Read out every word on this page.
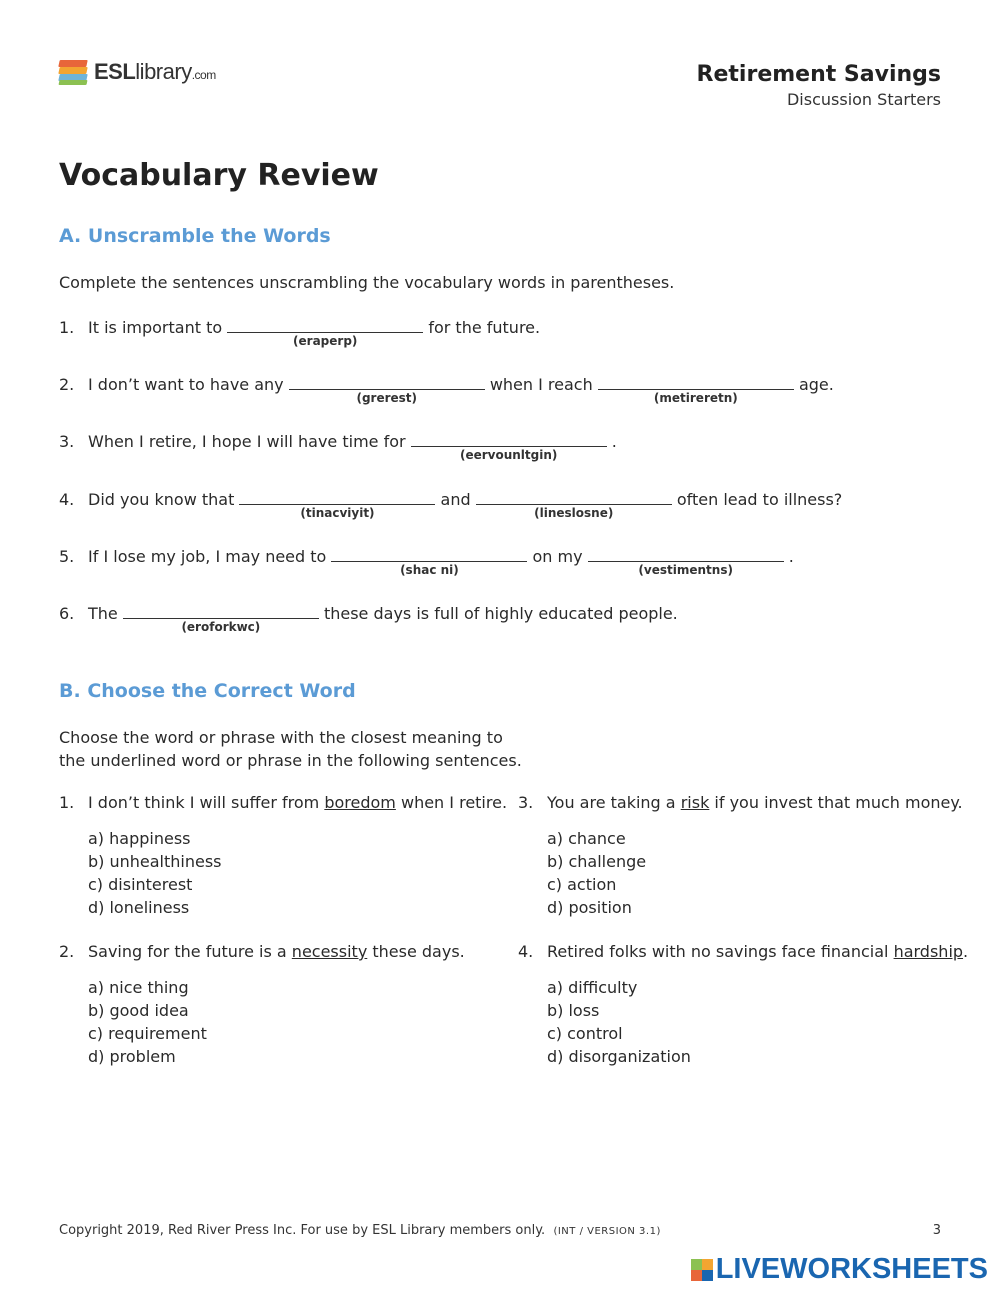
ESLlibrary.com	Retirement Savings
Discussion Starters
Vocabulary Review
A. Unscramble the Words
Complete the sentences unscrambling the vocabulary words in parentheses.
1. It is important to
(eraperp)
for the future.
2. I don’t want to have any
(grerest)
when I reach
(metireretn)
age.
3. When I retire, I hope I will have time for
(eervounltgin)
.
4. Did you know that
(tinacviyit)
and
(lineslosne)
often lead to illness?
5. If I lose my job, I may need to
(shac ni)
on my
(vestimentns)
.
6. The
(eroforkwc)
these days is full of highly educated people.
B. Choose the Correct Word
Choose the word or phrase with the closest meaning to
the underlined word or phrase in the following sentences.
1. I don’t think I will suffer from boredom when I retire.
a) happiness
b) unhealthiness
c) disinterest
d) loneliness
2. Saving for the future is a necessity these days.
a) nice thing
b) good idea
c) requirement
d) problem
3. You are taking a risk if you invest that much money.
a) chance
b) challenge
c) action
d) position
4. Retired folks with no savings face financial hardship.
a) difficulty
b) loss
c) control
d) disorganization
Copyright 2019, Red River Press Inc. For use by ESL Library members only. (INT / VERSION 3.1)	3
LIVEWORKSHEETS
